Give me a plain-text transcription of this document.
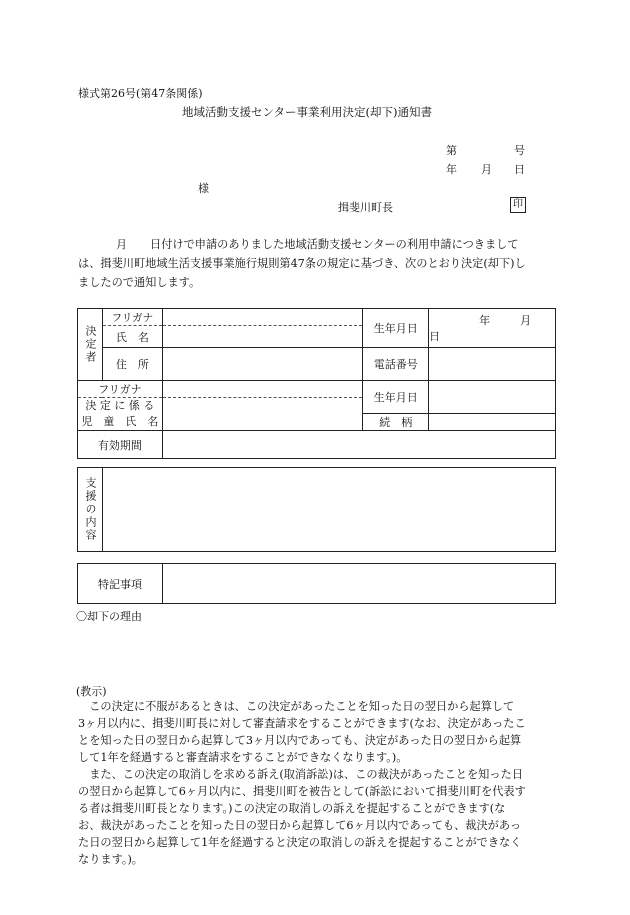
様式第26号(第47条関係)
地域活動支援センター事業利用決定(却下)通知書
第	号
年 月 日
様
揖斐川町長	印
月 日付けで申請のありました地域活動支援センターの利用申請につきまして
は、揖斐川町地域生活支援事業施行規則第47条の規定に基づき、次のとおり決定(却下)し
ましたので通知します。
決定者	フリガナ		生年月日	年 月日
	氏　名			
	住　所		電話番号	
フリガナ			生年月日	

決 定 に 係 る
児　童　氏　名				

			続　柄	
有効期間				
支援の内容

特記事項	
〇却下の理由
(教示)
　この決定に不服があるときは、この決定があったことを知った日の翌日から起算して
3ヶ月以内に、揖斐川町長に対して審査請求をすることができます(なお、決定があったこ
とを知った日の翌日から起算して3ヶ月以内であっても、決定があった日の翌日から起算
して1年を経過すると審査請求をすることができなくなります。)。
　また、この決定の取消しを求める訴え(取消訴訟)は、この裁決があったことを知った日
の翌日から起算して6ヶ月以内に、揖斐川町を被告として(訴訟において揖斐川町を代表す
る者は揖斐川町長となります。)この決定の取消しの訴えを提起することができます(な
お、裁決があったことを知った日の翌日から起算して6ヶ月以内であっても、裁決があっ
た日の翌日から起算して1年を経過すると決定の取消しの訴えを提起することができなく
なります。)。
